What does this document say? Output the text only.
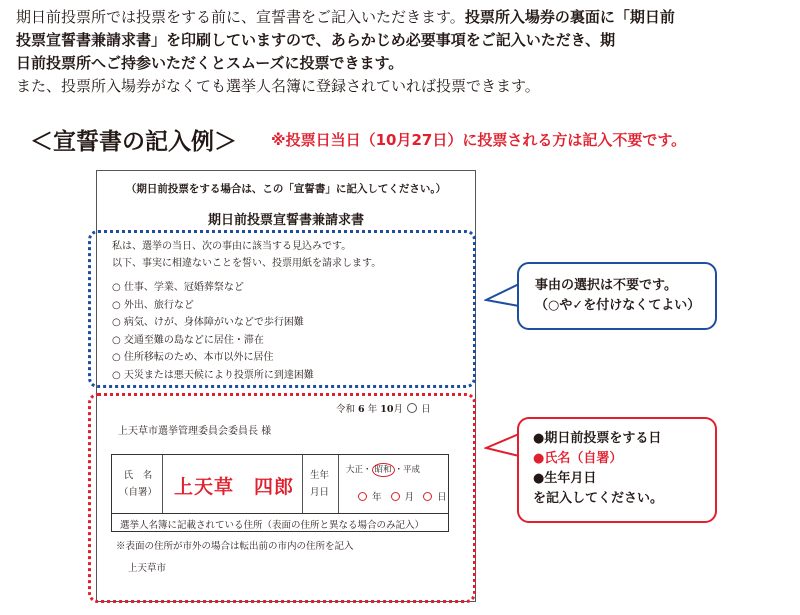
期日前投票所では投票をする前に、宣誓書をご記入いただきます。投票所入場券の裏面に「期日前
投票宣誓書兼請求書」を印刷していますので、あらかじめ必要事項をご記入いただき、期
日前投票所へご持参いただくとスムーズに投票できます。
また、投票所入場券がなくても選挙人名簿に登録されていれば投票できます。
＜宣誓書の記入例＞ ※投票日当日（10月27日）に投票される方は記入不要です。
（期日前投票をする場合は、この「宣誓書」に記入してください。）
期日前投票宣誓書兼請求書
私は、選挙の当日、次の事由に該当する見込みです。
以下、事実に相違ないことを誓い、投票用紙を請求します。
○ 仕事、学業、冠婚葬祭など
○ 外出、旅行など
○ 病気、けが、身体障がいなどで歩行困難
○ 交通至難の島などに居住・滞在
○ 住所移転のため、本市以外に居住
○ 天災または悪天候により投票所に到達困難
令和 6 年 10月 日
上天草市選挙管理委員会委員長 様
氏　名
（自署） 上天草　四郎
生年
月日
大正・ 昭和 ・平成
年 月 日
選挙人名簿に記載されている住所（表面の住所と異なる場合のみ記入）
※表面の住所が市外の場合は転出前の市内の住所を記入
上天草市
事由の選択は不要です。
（○や✓を付けなくてよい）
●期日前投票をする日
●氏名（自署）
●生年月日
を記入してください。
